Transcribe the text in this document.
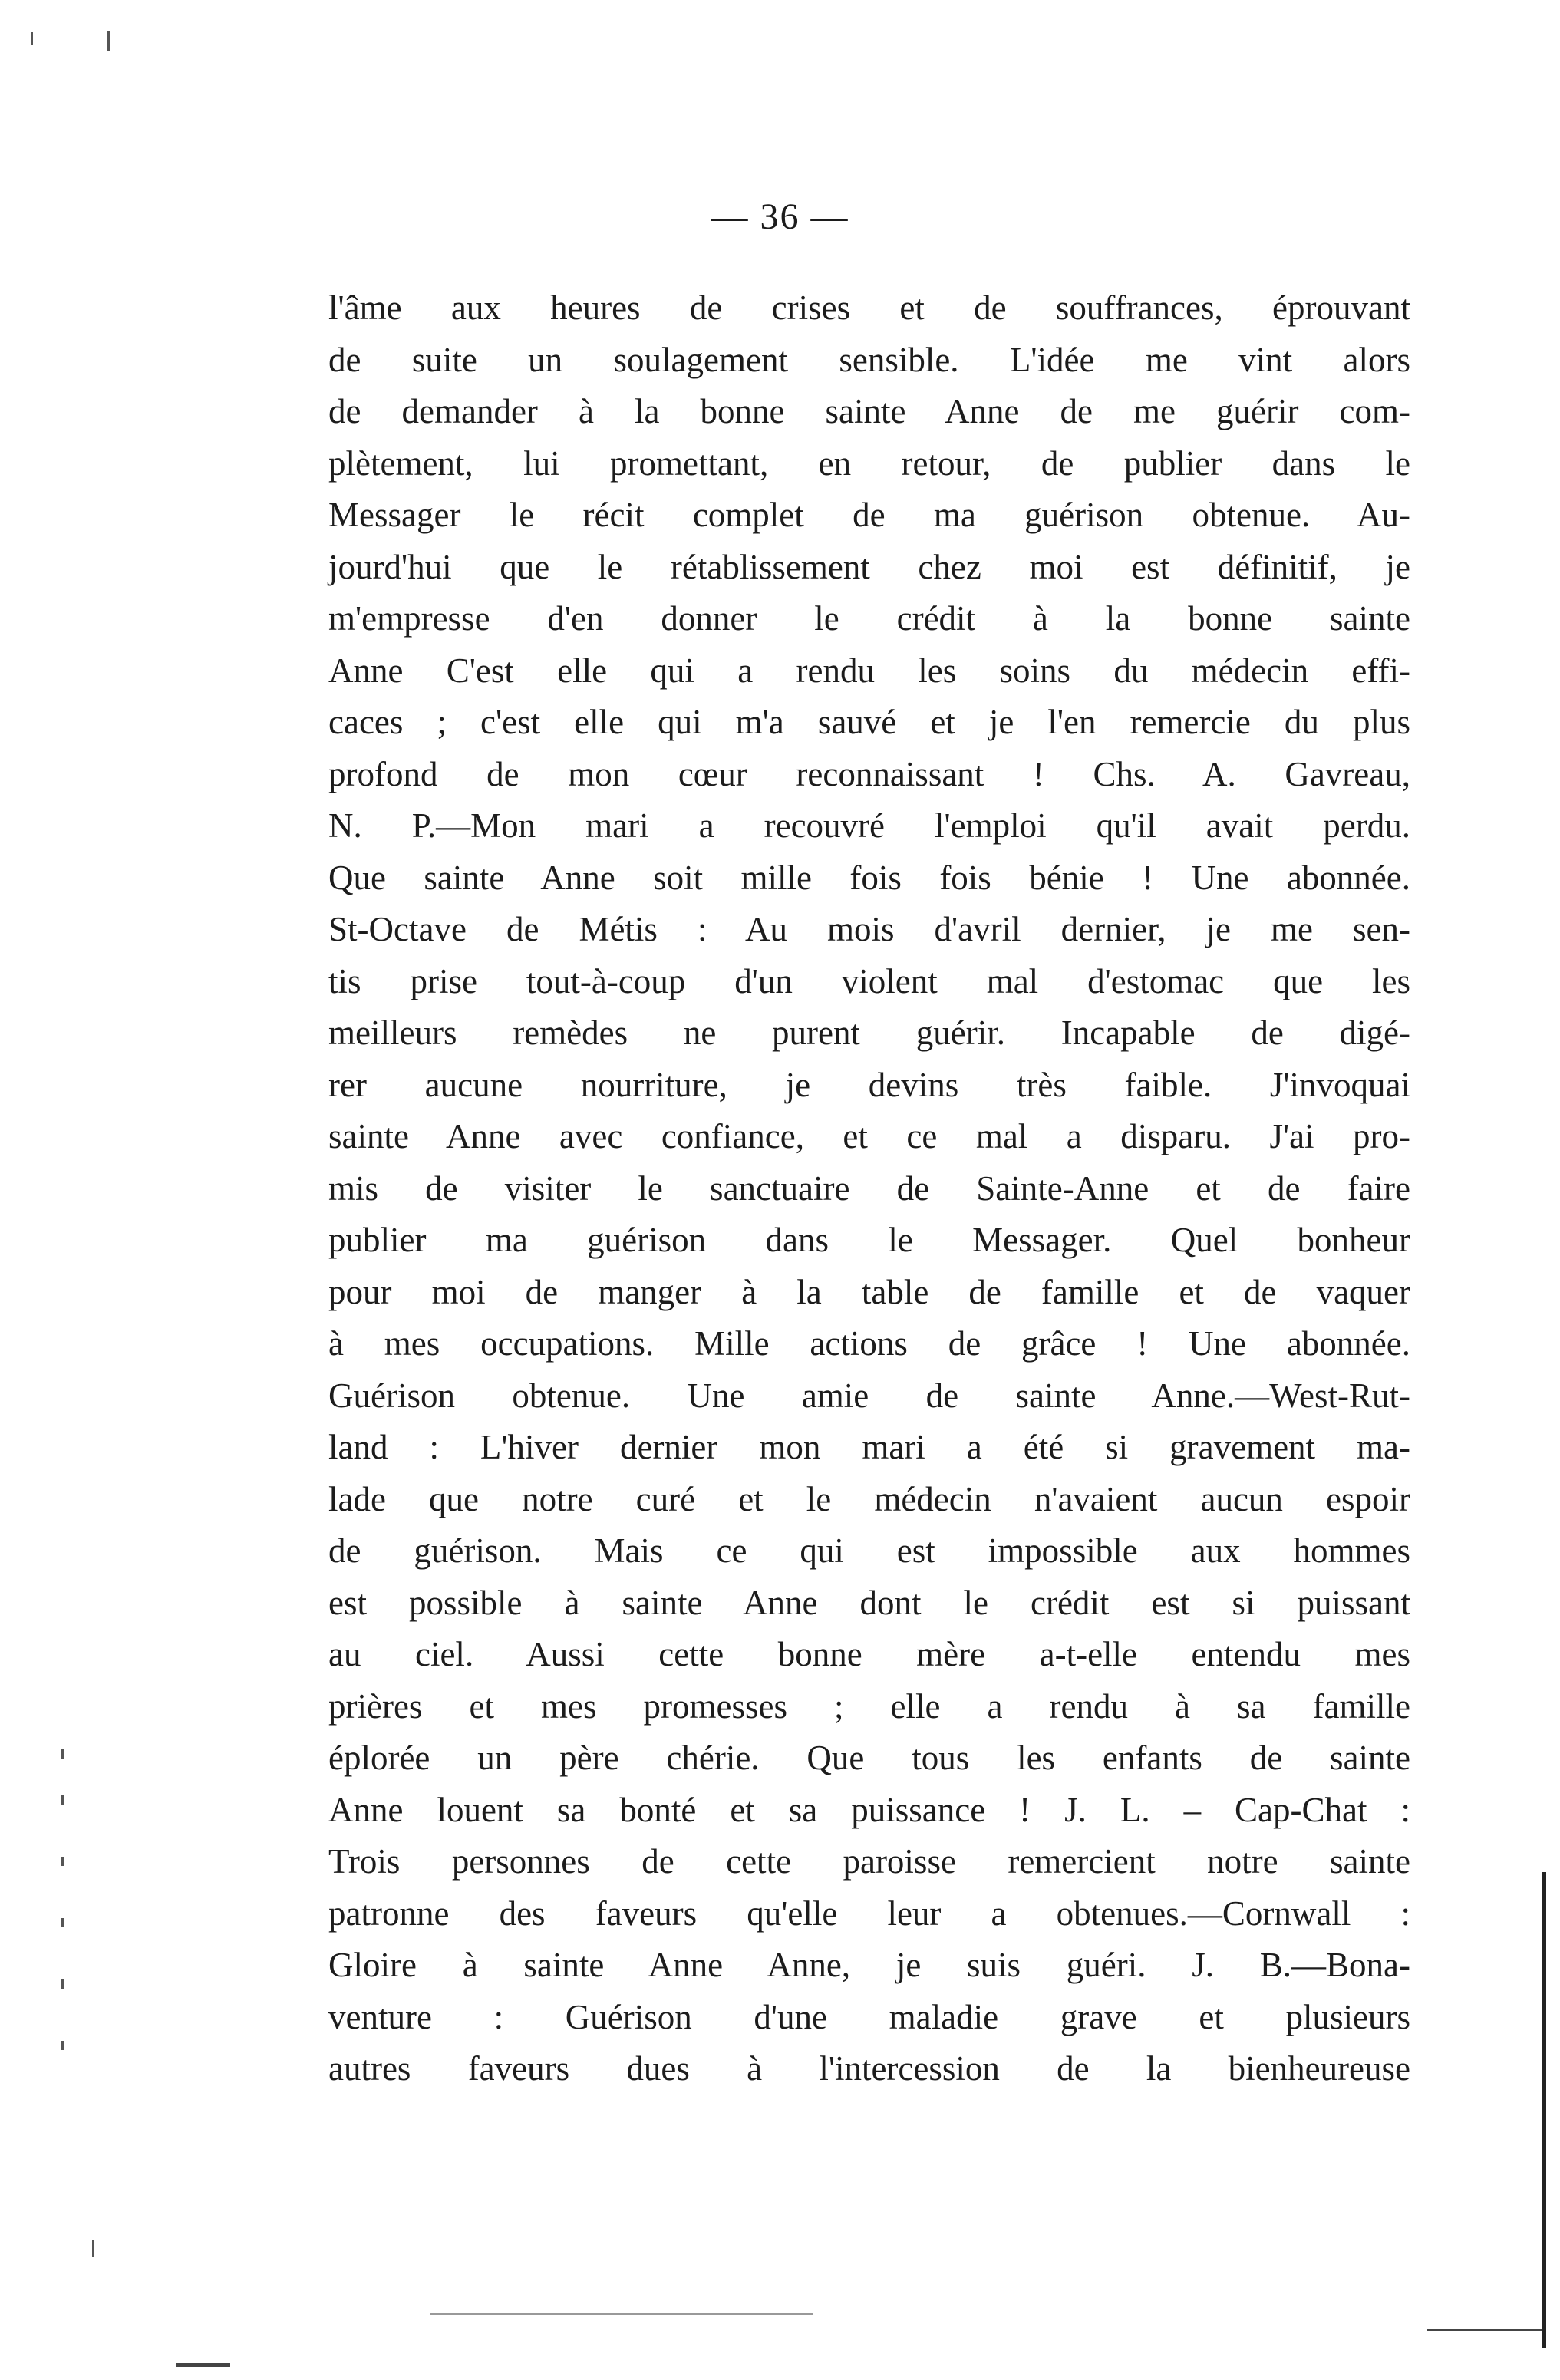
— 36 —
l'âme aux heures de crises et de souffrances, éprouvant
de suite un soulagement sensible. L'idée me vint alors
de demander à la bonne sainte Anne de me guérir com-
plètement, lui promettant, en retour, de publier dans le
Messager le récit complet de ma guérison obtenue. Au-
jourd'hui que le rétablissement chez moi est définitif, je
m'empresse d'en donner le crédit à la bonne sainte
Anne C'est elle qui a rendu les soins du médecin effi-
caces ; c'est elle qui m'a sauvé et je l'en remercie du plus
profond de mon cœur reconnaissant ! Chs. A. Gavreau,
N. P.—Mon mari a recouvré l'emploi qu'il avait perdu.
Que sainte Anne soit mille fois fois bénie ! Une abonnée.
St-Octave de Métis : Au mois d'avril dernier, je me sen-
tis prise tout-à-coup d'un violent mal d'estomac que les
meilleurs remèdes ne purent guérir. Incapable de digé-
rer aucune nourriture, je devins très faible. J'invoquai
sainte Anne avec confiance, et ce mal a disparu. J'ai pro-
mis de visiter le sanctuaire de Sainte-Anne et de faire
publier ma guérison dans le Messager. Quel bonheur
pour moi de manger à la table de famille et de vaquer
à mes occupations. Mille actions de grâce ! Une abonnée.
Guérison obtenue. Une amie de sainte Anne.—West-Rut-
land : L'hiver dernier mon mari a été si gravement ma-
lade que notre curé et le médecin n'avaient aucun espoir
de guérison. Mais ce qui est impossible aux hommes
est possible à sainte Anne dont le crédit est si puissant
au ciel. Aussi cette bonne mère a-t-elle entendu mes
prières et mes promesses ; elle a rendu à sa famille
éplorée un père chérie. Que tous les enfants de sainte
Anne louent sa bonté et sa puissance ! J. L. – Cap-Chat :
Trois personnes de cette paroisse remercient notre sainte
patronne des faveurs qu'elle leur a obtenues.—Cornwall :
Gloire à sainte Anne Anne, je suis guéri. J. B.—Bona-
venture : Guérison d'une maladie grave et plusieurs
autres faveurs dues à l'intercession de la bienheureuse
